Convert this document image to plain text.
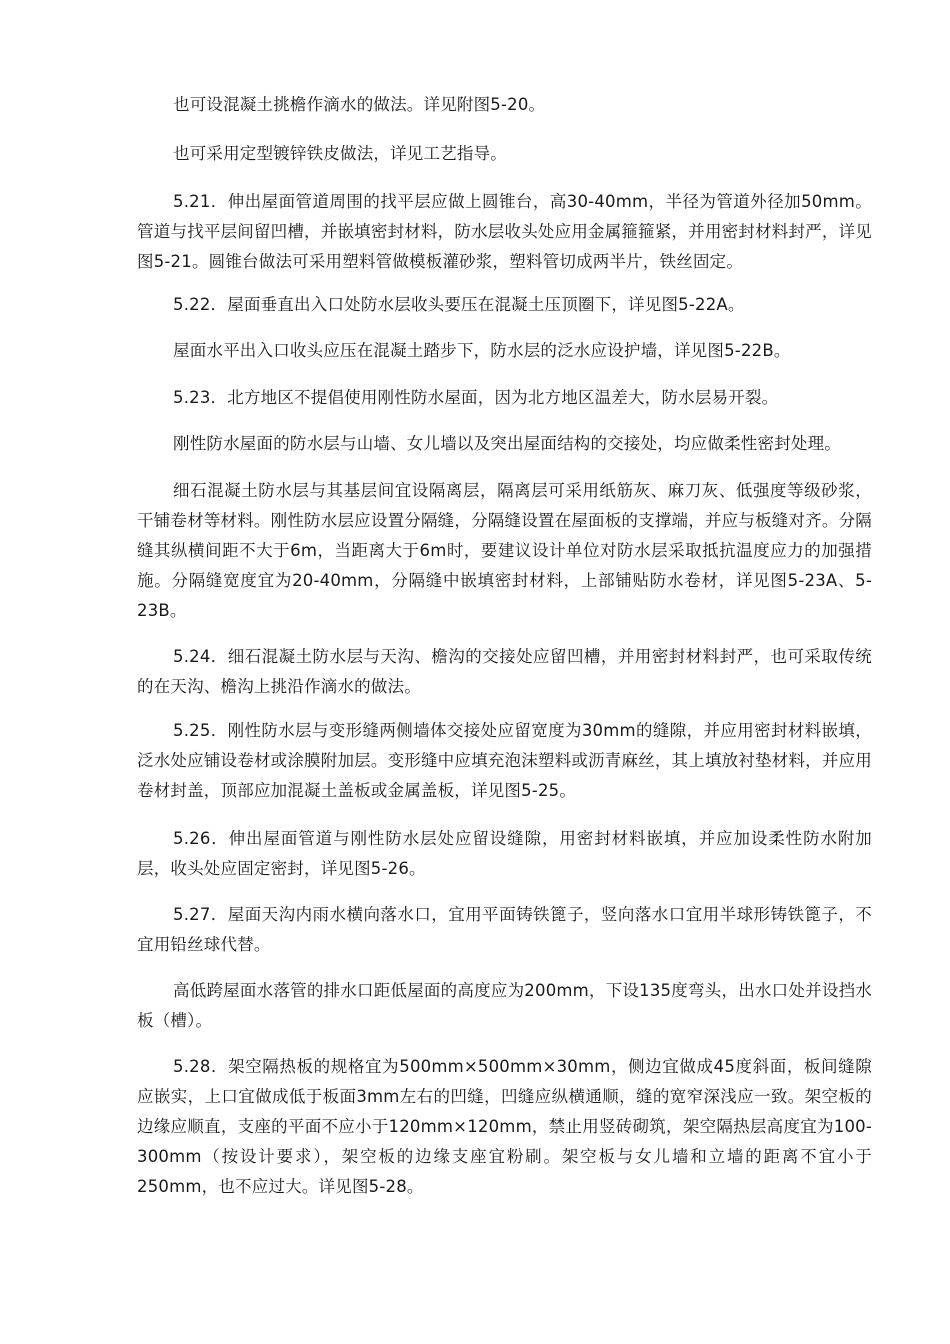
也可设混凝土挑檐作滴水的做法。详见附图5-20。

也可采用定型镀锌铁皮做法，详见工艺指导。

5.21．伸出屋面管道周围的找平层应做上圆锥台，高30-40mm，半径为管道外径加50mm。管道与找平层间留凹槽，并嵌填密封材料，防水层收头处应用金属箍箍紧，并用密封材料封严，详见图5-21。圆锥台做法可采用塑料管做模板灌砂浆，塑料管切成两半片，铁丝固定。

5.22．屋面垂直出入口处防水层收头要压在混凝土压顶圈下，详见图5-22A。

屋面水平出入口收头应压在混凝土踏步下，防水层的泛水应设护墙，详见图5-22B。

5.23．北方地区不提倡使用刚性防水屋面，因为北方地区温差大，防水层易开裂。

刚性防水屋面的防水层与山墙、女儿墙以及突出屋面结构的交接处，均应做柔性密封处理。

细石混凝土防水层与其基层间宜设隔离层，隔离层可采用纸筋灰、麻刀灰、低强度等级砂浆，干铺卷材等材料。刚性防水层应设置分隔缝，分隔缝设置在屋面板的支撑端，并应与板缝对齐。分隔缝其纵横间距不大于6m，当距离大于6m时，要建议设计单位对防水层采取抵抗温度应力的加强措施。分隔缝宽度宜为20-40mm，分隔缝中嵌填密封材料，上部铺贴防水卷材，详见图5-23A、5-23B。

5.24．细石混凝土防水层与天沟、檐沟的交接处应留凹槽，并用密封材料封严，也可采取传统的在天沟、檐沟上挑沿作滴水的做法。

5.25．刚性防水层与变形缝两侧墙体交接处应留宽度为30mm的缝隙，并应用密封材料嵌填，泛水处应铺设卷材或涂膜附加层。变形缝中应填充泡沫塑料或沥青麻丝，其上填放衬垫材料，并应用卷材封盖，顶部应加混凝土盖板或金属盖板，详见图5-25。

5.26．伸出屋面管道与刚性防水层处应留设缝隙，用密封材料嵌填，并应加设柔性防水附加层，收头处应固定密封，详见图5-26。

5.27．屋面天沟内雨水横向落水口，宜用平面铸铁篦子，竖向落水口宜用半球形铸铁篦子，不宜用铅丝球代替。

高低跨屋面水落管的排水口距低屋面的高度应为200mm，下设135度弯头，出水口处并设挡水板（槽）。

5.28．架空隔热板的规格宜为500mm×500mm×30mm，侧边宜做成45度斜面，板间缝隙应嵌实，上口宜做成低于板面3mm左右的凹缝，凹缝应纵横通顺，缝的宽窄深浅应一致。架空板的边缘应顺直，支座的平面不应小于120mm×120mm，禁止用竖砖砌筑，架空隔热层高度宜为100-300mm（按设计要求），架空板的边缘支座宜粉刷。架空板与女儿墙和立墙的距离不宜小于250mm，也不应过大。详见图5-28。
